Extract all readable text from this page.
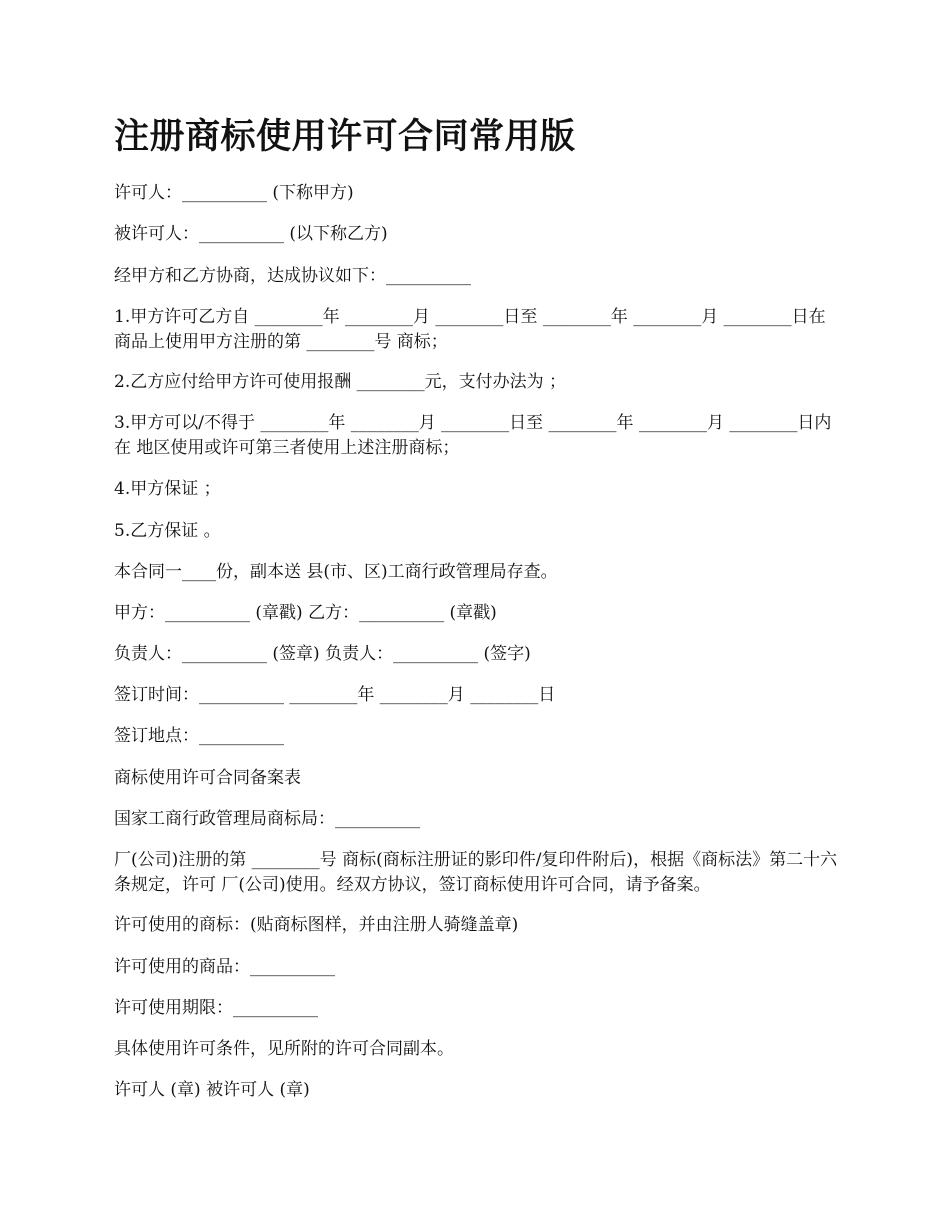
注册商标使用许可合同常用版

许可人：__________ (下称甲方)

被许可人：__________ (以下称乙方)

经甲方和乙方协商，达成协议如下：__________

1.甲方许可乙方自 ________年 ________月 ________日至 ________年 ________月 ________日在 商品上使用甲方注册的第 ________号 商标；

2.乙方应付给甲方许可使用报酬 ________元，支付办法为 ；

3.甲方可以/不得于 ________年 ________月 ________日至 ________年 ________月 ________日内在 地区使用或许可第三者使用上述注册商标；

4.甲方保证 ；

5.乙方保证 。

本合同一____份，副本送 县(市、区)工商行政管理局存查。

甲方：__________ (章戳) 乙方：__________ (章戳)

负责人：__________ (签章) 负责人：__________ (签字)

签订时间：__________ ________年 ________月 ________日

签订地点：__________

商标使用许可合同备案表

国家工商行政管理局商标局：__________

厂(公司)注册的第 ________号 商标(商标注册证的影印件/复印件附后)，根据《商标法》第二十六条规定，许可 厂(公司)使用。经双方协议，签订商标使用许可合同，请予备案。

许可使用的商标：(贴商标图样，并由注册人骑缝盖章)

许可使用的商品：__________

许可使用期限：__________

具体使用许可条件，见所附的许可合同副本。

许可人 (章) 被许可人 (章)
